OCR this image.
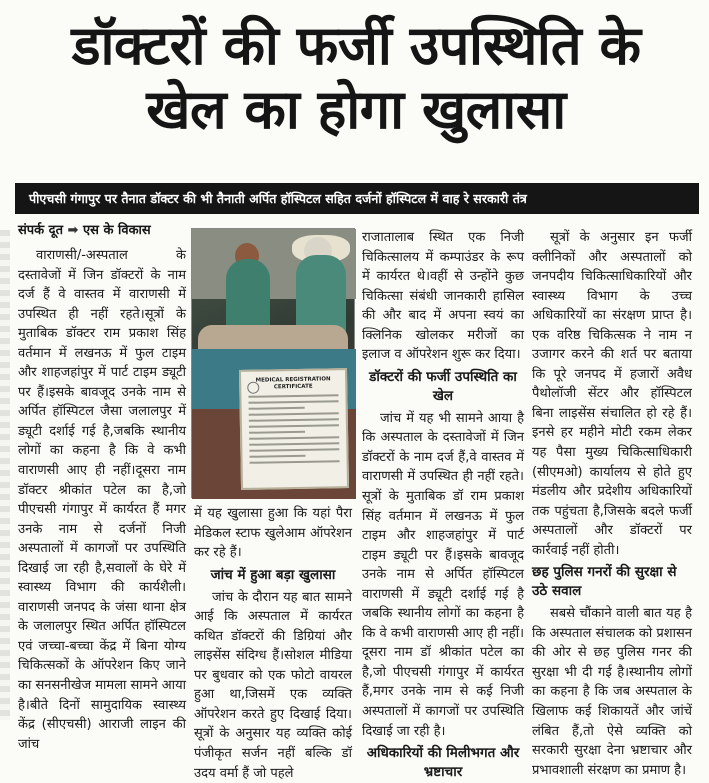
डॉक्टरों की फर्जी उपस्थिति के
खेल का होगा खुलासा
पीएचसी गंगापुर पर तैनात डॉक्टर की भी तैनाती अर्पित हॉस्पिटल सहित दर्जनों हॉस्पिटल में वाह रे सरकारी तंत्र
संपर्क दूत ➡ एस के विकास
MEDICAL REGISTRATION CERTIFICATE

वाराणसी/-अस्पताल के दस्तावेजों में जिन डॉक्टरों के नाम दर्ज हैं वे वास्तव में वाराणसी में उपस्थित ही नहीं रहते।सूत्रों के मुताबिक डॉक्टर राम प्रकाश सिंह वर्तमान में लखनऊ में फुल टाइम और शाहजहांपुर में पार्ट टाइम ड्यूटी पर हैं।इसके बावजूद उनके नाम से अर्पित हॉस्पिटल जैसा जलालपुर में ड्यूटी दर्शाई गई है,जबकि स्थानीय लोगों का कहना है कि वे कभी वाराणसी आए ही नहीं।दूसरा नाम डॉक्टर श्रीकांत पटेल का है,जो पीएचसी गंगापुर में कार्यरत हैं मगर उनके नाम से दर्जनों निजी अस्पतालों में कागजों पर उपस्थिति दिखाई जा रही है,सवालों के घेरे में स्वास्थ्य विभाग की कार्यशैली।वाराणसी जनपद के जंसा थाना क्षेत्र के जलालपुर स्थित अर्पित हॉस्पिटल एवं जच्चा-बच्चा केंद्र में बिना योग्य चिकित्सकों के ऑपरेशन किए जाने का सनसनीखेज मामला सामने आया है।बीते दिनों सामुदायिक स्वास्थ्य केंद्र (सीएचसी) आराजी लाइन की जांच

में यह खुलासा हुआ कि यहां पैरा मेडिकल स्टाफ खुलेआम ऑपरेशन कर रहे हैं।

जांच में हुआ बड़ा खुलासा

जांच के दौरान यह बात सामने आई कि अस्पताल में कार्यरत कथित डॉक्टरों की डिग्रियां और लाइसेंस संदिग्ध हैं।सोशल मीडिया पर बुधवार को एक फोटो वायरल हुआ था,जिसमें एक व्यक्ति ऑपरेशन करते हुए दिखाई दिया।सूत्रों के अनुसार यह व्यक्ति कोई पंजीकृत सर्जन नहीं बल्कि डॉ उदय वर्मा हैं जो पहले

राजातालाब स्थित एक निजी चिकित्सालय में कम्पाउंडर के रूप में कार्यरत थे।वहीं से उन्होंने कुछ चिकित्सा संबंधी जानकारी हासिल की और बाद में अपना स्वयं का क्लिनिक खोलकर मरीजों का इलाज व ऑपरेशन शुरू कर दिया।

डॉक्टरों की फर्जी उपस्थिति का खेल

जांच में यह भी सामने आया है कि अस्पताल के दस्तावेजों में जिन डॉक्टरों के नाम दर्ज हैं,वे वास्तव में वाराणसी में उपस्थित ही नहीं रहते।सूत्रों के मुताबिक डॉ राम प्रकाश सिंह वर्तमान में लखनऊ में फुल टाइम और शाहजहांपुर में पार्ट टाइम ड्यूटी पर हैं।इसके बावजूद उनके नाम से अर्पित हॉस्पिटल वाराणसी में ड्यूटी दर्शाई गई है जबकि स्थानीय लोगों का कहना है कि वे कभी वाराणसी आए ही नहीं।दूसरा नाम डॉ श्रीकांत पटेल का है,जो पीएचसी गंगापुर में कार्यरत हैं,मगर उनके नाम से कई निजी अस्पतालों में कागजों पर उपस्थिति दिखाई जा रही है।

अधिकारियों की मिलीभगत और भ्रष्टाचार

सूत्रों के अनुसार इन फर्जी क्लीनिकों और अस्पतालों को जनपदीय चिकित्साधिकारियों और स्वास्थ्य विभाग के उच्च अधिकारियों का संरक्षण प्राप्त है।एक वरिष्ठ चिकित्सक ने नाम न उजागर करने की शर्त पर बताया कि पूरे जनपद में हजारों अवैध पैथोलॉजी सेंटर और हॉस्पिटल बिना लाइसेंस संचालित हो रहे हैं।इनसे हर महीने मोटी रकम लेकर यह पैसा मुख्य चिकित्साधिकारी (सीएमओ) कार्यालय से होते हुए मंडलीय और प्रदेशीय अधिकारियों तक पहुंचता है,जिसके बदले फर्जी अस्पतालों और डॉक्टरों पर कार्रवाई नहीं होती।

छह पुलिस गनरों की सुरक्षा से उठे सवाल

सबसे चौंकाने वाली बात यह है कि अस्पताल संचालक को प्रशासन की ओर से छह पुलिस गनर की सुरक्षा भी दी गई है।स्थानीय लोगों का कहना है कि जब अस्पताल के खिलाफ कई शिकायतें और जांचें लंबित हैं,तो ऐसे व्यक्ति को सरकारी सुरक्षा देना भ्रष्टाचार और प्रभावशाली संरक्षण का प्रमाण है।
